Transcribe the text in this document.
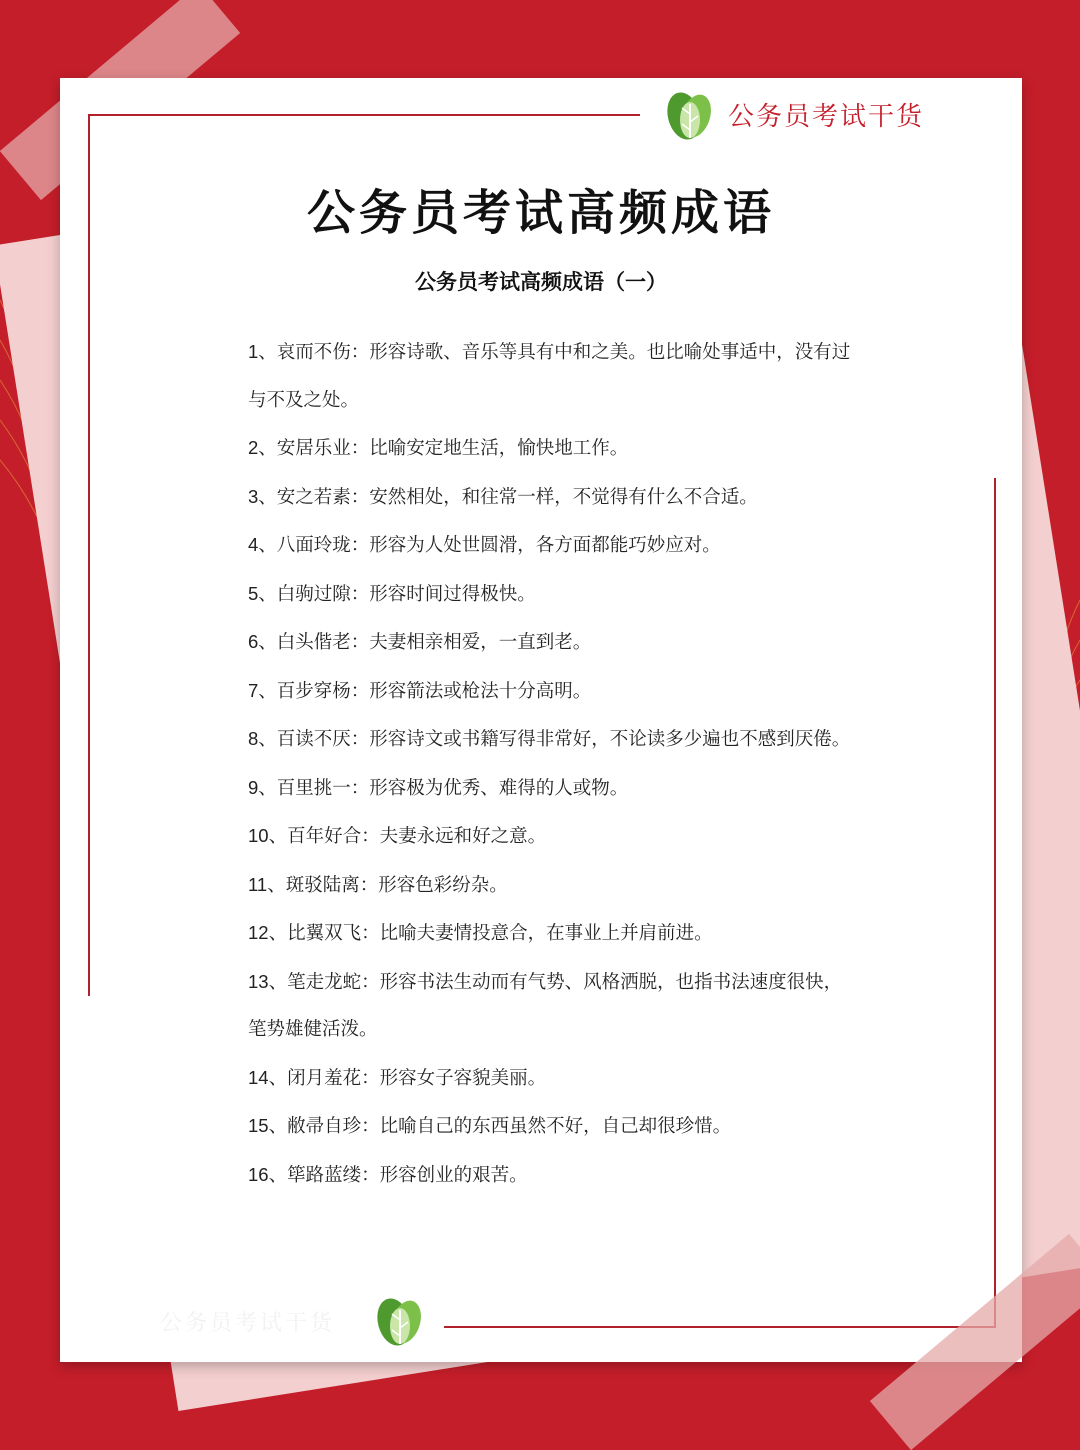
公务员考试干货
公务员考试高频成语
公务员考试高频成语（一）

1、哀而不伤：形容诗歌、音乐等具有中和之美。也比喻处事适中，没有过与不及之处。

2、安居乐业：比喻安定地生活，愉快地工作。

3、安之若素：安然相处，和往常一样，不觉得有什么不合适。

4、八面玲珑：形容为人处世圆滑，各方面都能巧妙应对。

5、白驹过隙：形容时间过得极快。

6、白头偕老：夫妻相亲相爱，一直到老。

7、百步穿杨：形容箭法或枪法十分高明。

8、百读不厌：形容诗文或书籍写得非常好，不论读多少遍也不感到厌倦。

9、百里挑一：形容极为优秀、难得的人或物。

10、百年好合：夫妻永远和好之意。

11、斑驳陆离：形容色彩纷杂。

12、比翼双飞：比喻夫妻情投意合，在事业上并肩前进。

13、笔走龙蛇：形容书法生动而有气势、风格洒脱，也指书法速度很快，笔势雄健活泼。

14、闭月羞花：形容女子容貌美丽。

15、敝帚自珍：比喻自己的东西虽然不好，自己却很珍惜。

16、筚路蓝缕：形容创业的艰苦。

公务员考试干货
